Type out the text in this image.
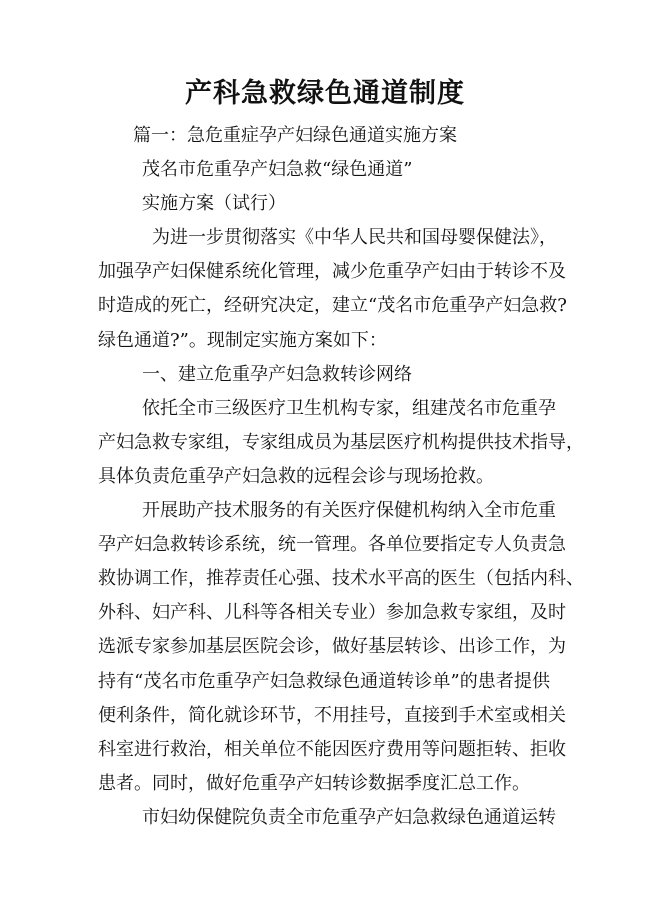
产科急救绿色通道制度
篇一：急危重症孕产妇绿色通道实施方案
茂名市危重孕产妇急救“绿色通道”
实施方案（试行）
为进一步贯彻落实《中华人民共和国母婴保健法》，
加强孕产妇保健系统化管理，减少危重孕产妇由于转诊不及
时造成的死亡，经研究决定，建立“茂名市危重孕产妇急救?
绿色通道?”。现制定实施方案如下：
一、建立危重孕产妇急救转诊网络
依托全市三级医疗卫生机构专家，组建茂名市危重孕
产妇急救专家组，专家组成员为基层医疗机构提供技术指导，
具体负责危重孕产妇急救的远程会诊与现场抢救。
开展助产技术服务的有关医疗保健机构纳入全市危重
孕产妇急救转诊系统，统一管理。各单位要指定专人负责急
救协调工作，推荐责任心强、技术水平高的医生（包括内科、
外科、妇产科、儿科等各相关专业）参加急救专家组，及时
选派专家参加基层医院会诊，做好基层转诊、出诊工作，为
持有“茂名市危重孕产妇急救绿色通道转诊单”的患者提供
便利条件，简化就诊环节，不用挂号，直接到手术室或相关
科室进行救治，相关单位不能因医疗费用等问题拒转、拒收
患者。同时，做好危重孕产妇转诊数据季度汇总工作。
市妇幼保健院负责全市危重孕产妇急救绿色通道运转
